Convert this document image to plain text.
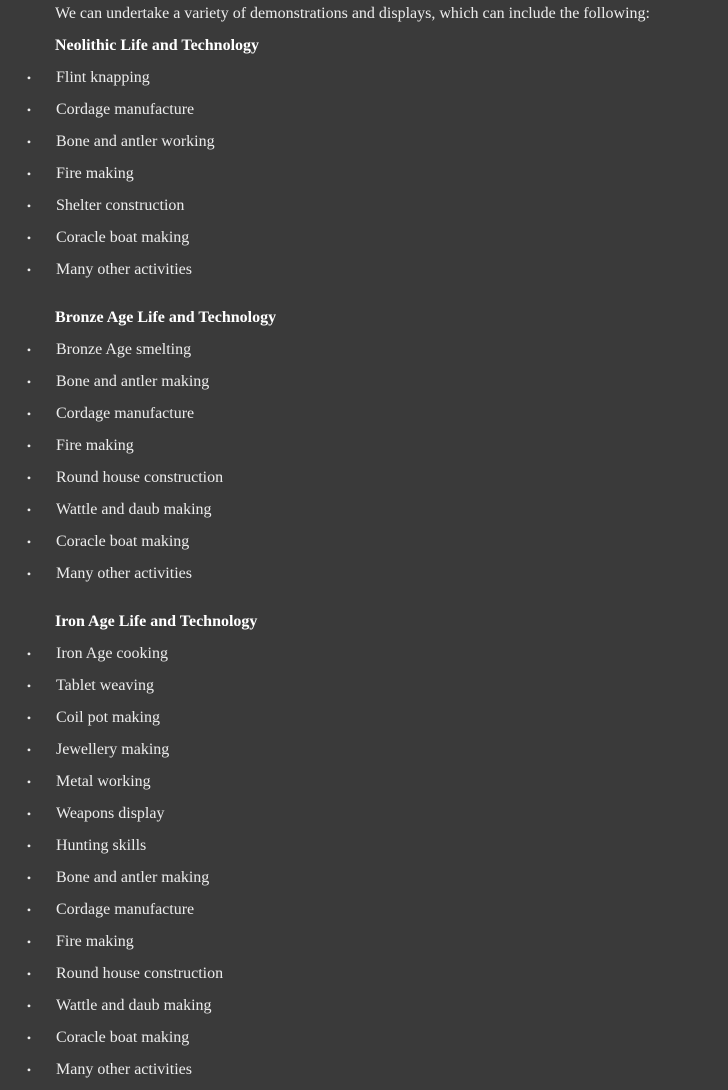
We can undertake a variety of demonstrations and displays, which can include the following:
Neolithic Life and Technology
• Flint knapping
• Cordage manufacture
• Bone and antler working
• Fire making
• Shelter construction
• Coracle boat making
• Many other activities
Bronze Age Life and Technology
• Bronze Age smelting
• Bone and antler making
• Cordage manufacture
• Fire making
• Round house construction
• Wattle and daub making
• Coracle boat making
• Many other activities
Iron Age Life and Technology
• Iron Age cooking
• Tablet weaving
• Coil pot making
• Jewellery making
• Metal working
• Weapons display
• Hunting skills
• Bone and antler making
• Cordage manufacture
• Fire making
• Round house construction
• Wattle and daub making
• Coracle boat making
• Many other activities
